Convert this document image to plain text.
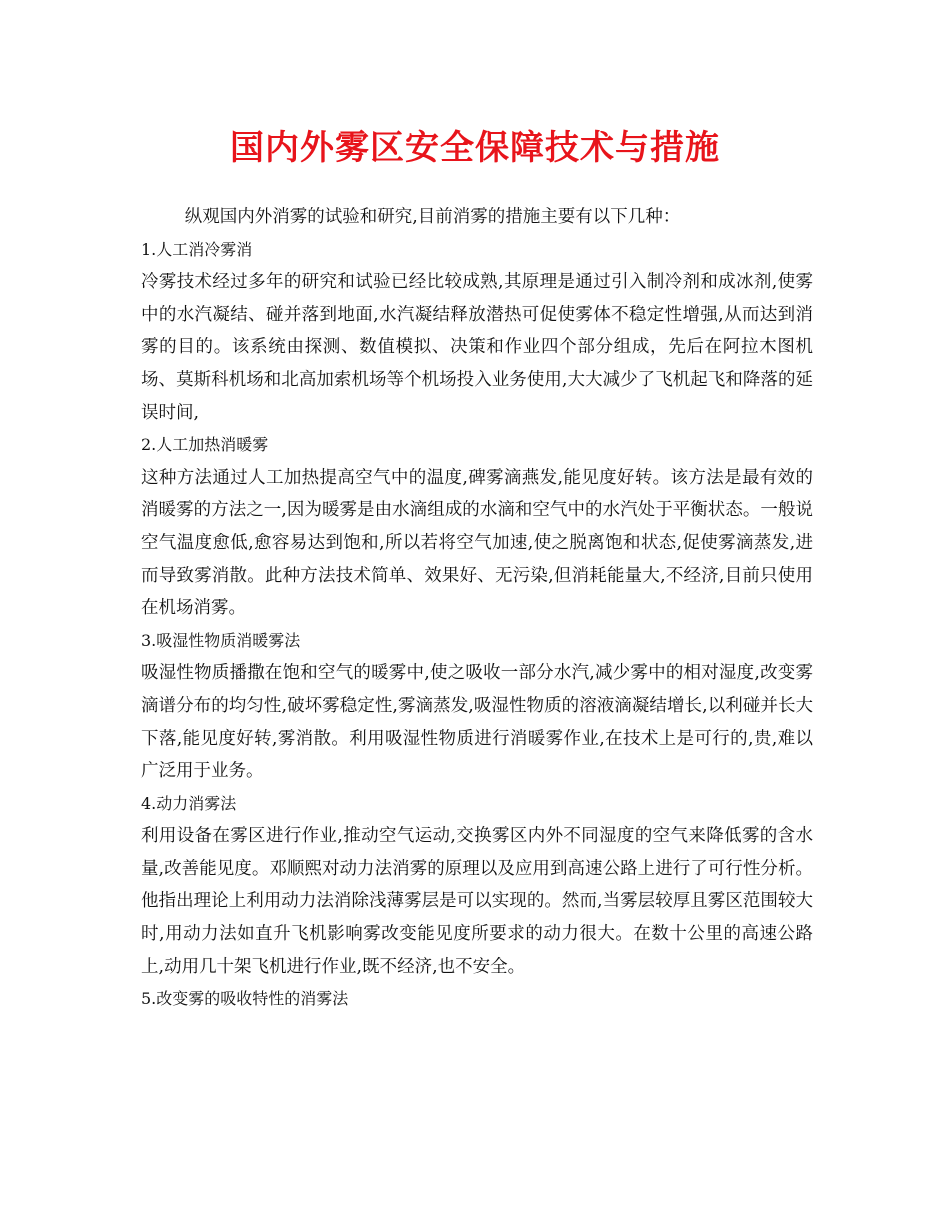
国内外雾区安全保障技术与措施

纵观国内外消雾的试验和研究,目前消雾的措施主要有以下几种：

1.人工消冷雾消

冷雾技术经过多年的研究和试验已经比较成熟,其原理是通过引入制冷剂和成冰剂,使雾中的水汽凝结、碰并落到地面,水汽凝结释放潜热可促使雾体不稳定性增强,从而达到消雾的目的。该系统由探测、数值模拟、决策和作业四个部分组成，先后在阿拉木图机场、莫斯科机场和北高加索机场等个机场投入业务使用,大大减少了飞机起飞和降落的延误时间,

2.人工加热消暖雾

这种方法通过人工加热提高空气中的温度,碑雾滴燕发,能见度好转。该方法是最有效的消暖雾的方法之一,因为暖雾是由水滴组成的水滴和空气中的水汽处于平衡状态。一般说空气温度愈低,愈容易达到饱和,所以若将空气加速,使之脱离饱和状态,促使雾滴蒸发,进而导致雾消散。此种方法技术简单、效果好、无污染,但消耗能量大,不经济,目前只使用在机场消雾。

3.吸湿性物质消暖雾法

吸湿性物质播撒在饱和空气的暖雾中,使之吸收一部分水汽,减少雾中的相对湿度,改变雾滴谱分布的均匀性,破坏雾稳定性,雾滴蒸发,吸湿性物质的溶液滴凝结增长,以利碰并长大下落,能见度好转,雾消散。利用吸湿性物质进行消暖雾作业,在技术上是可行的,贵,难以广泛用于业务。

4.动力消雾法

利用设备在雾区进行作业,推动空气运动,交换雾区内外不同湿度的空气来降低雾的含水量,改善能见度。邓顺熙对动力法消雾的原理以及应用到高速公路上进行了可行性分析。他指出理论上利用动力法消除浅薄雾层是可以实现的。然而,当雾层较厚且雾区范围较大时,用动力法如直升飞机影响雾改变能见度所要求的动力很大。在数十公里的高速公路上,动用几十架飞机进行作业,既不经济,也不安全。

5.改变雾的吸收特性的消雾法
